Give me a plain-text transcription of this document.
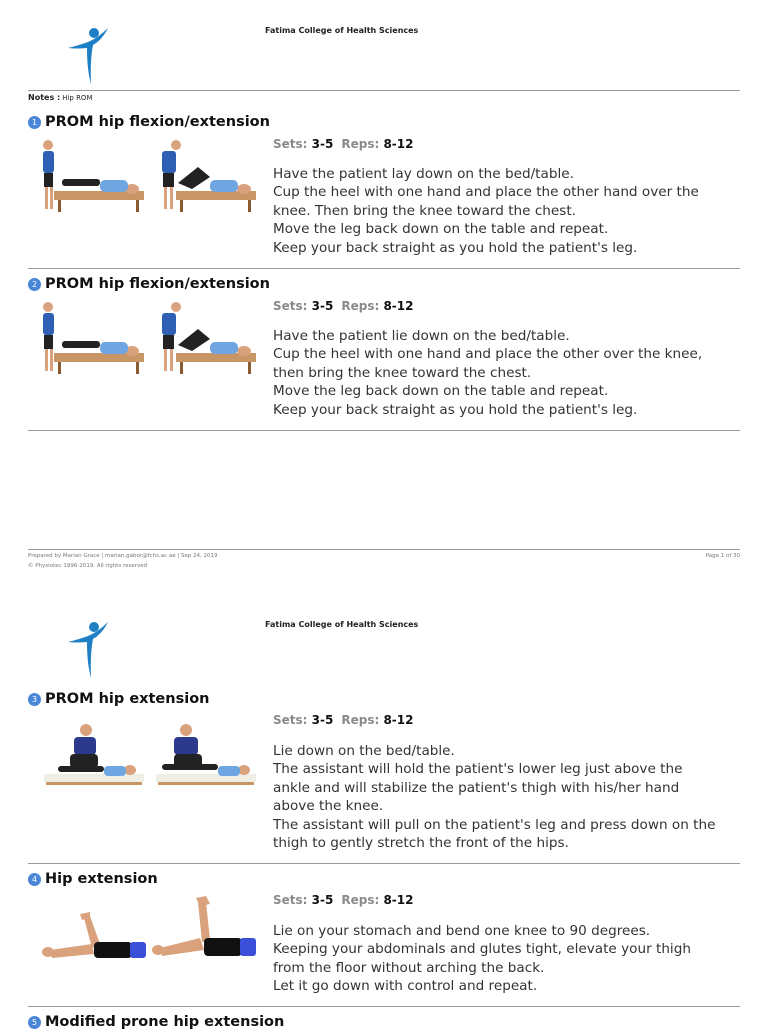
Fatima College of Health Sciences
Notes : Hip ROM
1 PROM hip flexion/extension
Sets: 3-5 Reps: 8-12
Have the patient lay down on the bed/table.
Cup the heel with one hand and place the other hand over the
knee. Then bring the knee toward the chest.
Move the leg back down on the table and repeat.
Keep your back straight as you hold the patient's leg.
2 PROM hip flexion/extension
Sets: 3-5 Reps: 8-12
Have the patient lie down on the bed/table.
Cup the heel with one hand and place the other over the knee,
then bring the knee toward the chest.
Move the leg back down on the table and repeat.
Keep your back straight as you hold the patient's leg.
Prepared by Marian Grace | marian.gabor@fchs.ac.ae | Sep 24, 2019
© Physiotec 1996-2019. All rights reserved
Page 1 of 30
Fatima College of Health Sciences
3 PROM hip extension
Sets: 3-5 Reps: 8-12
Lie down on the bed/table.
The assistant will hold the patient's lower leg just above the
ankle and will stabilize the patient's thigh with his/her hand
above the knee.
The assistant will pull on the patient's leg and press down on the
thigh to gently stretch the front of the hips.
4 Hip extension
Sets: 3-5 Reps: 8-12
Lie on your stomach and bend one knee to 90 degrees.
Keeping your abdominals and glutes tight, elevate your thigh
from the floor without arching the back.
Let it go down with control and repeat.
5 Modified prone hip extension
